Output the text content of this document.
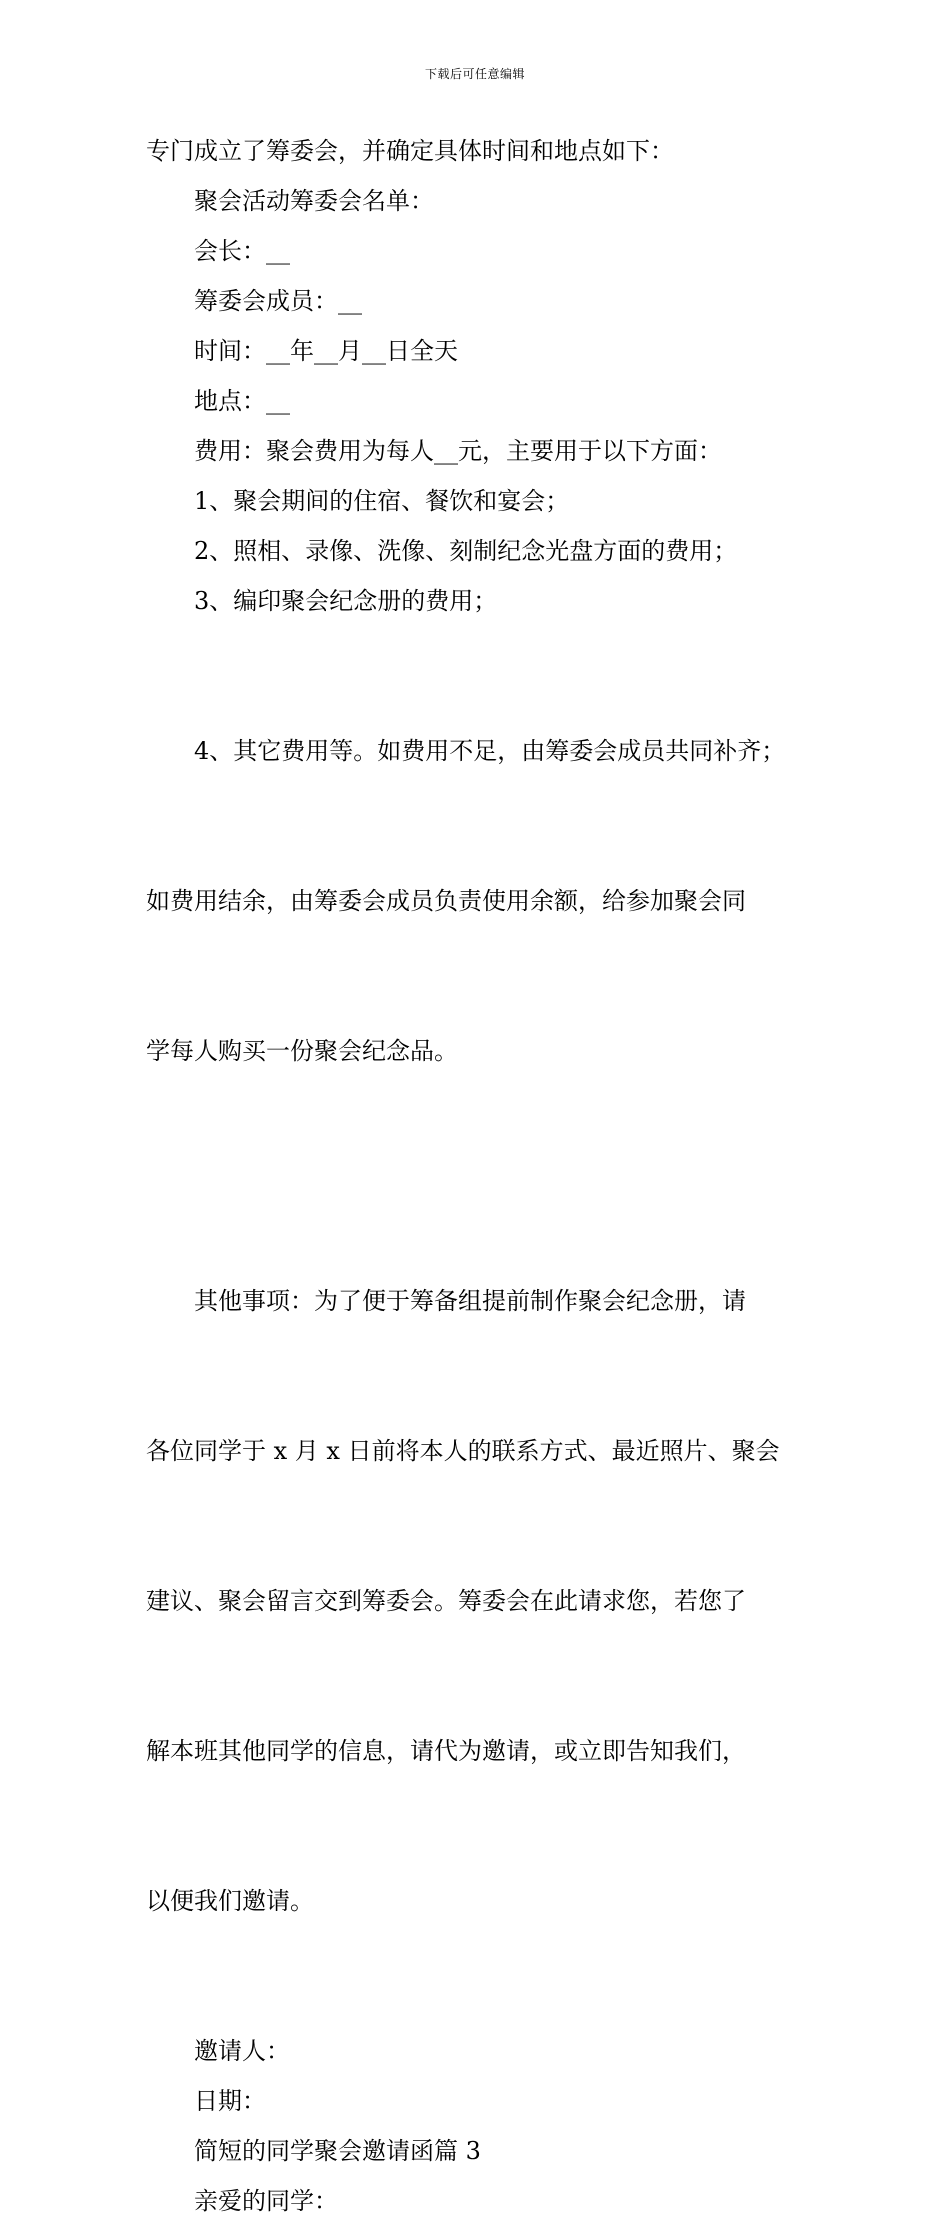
下载后可任意编辑

专门成立了筹委会，并确定具体时间和地点如下：

聚会活动筹委会名单：

会长：__

筹委会成员：__

时间：__年__月__日全天

地点：__

费用：聚会费用为每人__元，主要用于以下方面：

1、聚会期间的住宿、餐饮和宴会；

2、照相、录像、洗像、刻制纪念光盘方面的费用；

3、编印聚会纪念册的费用；

4、其它费用等。如费用不足，由筹委会成员共同补齐；

如费用结余，由筹委会成员负责使用余额，给参加聚会同

学每人购买一份聚会纪念品。

其他事项：为了便于筹备组提前制作聚会纪念册，请

各位同学于 x 月 x 日前将本人的联系方式、最近照片、聚会

建议、聚会留言交到筹委会。筹委会在此请求您，若您了

解本班其他同学的信息，请代为邀请，或立即告知我们，

以便我们邀请。

邀请人：

日期：

简短的同学聚会邀请函篇 3

亲爱的同学：
